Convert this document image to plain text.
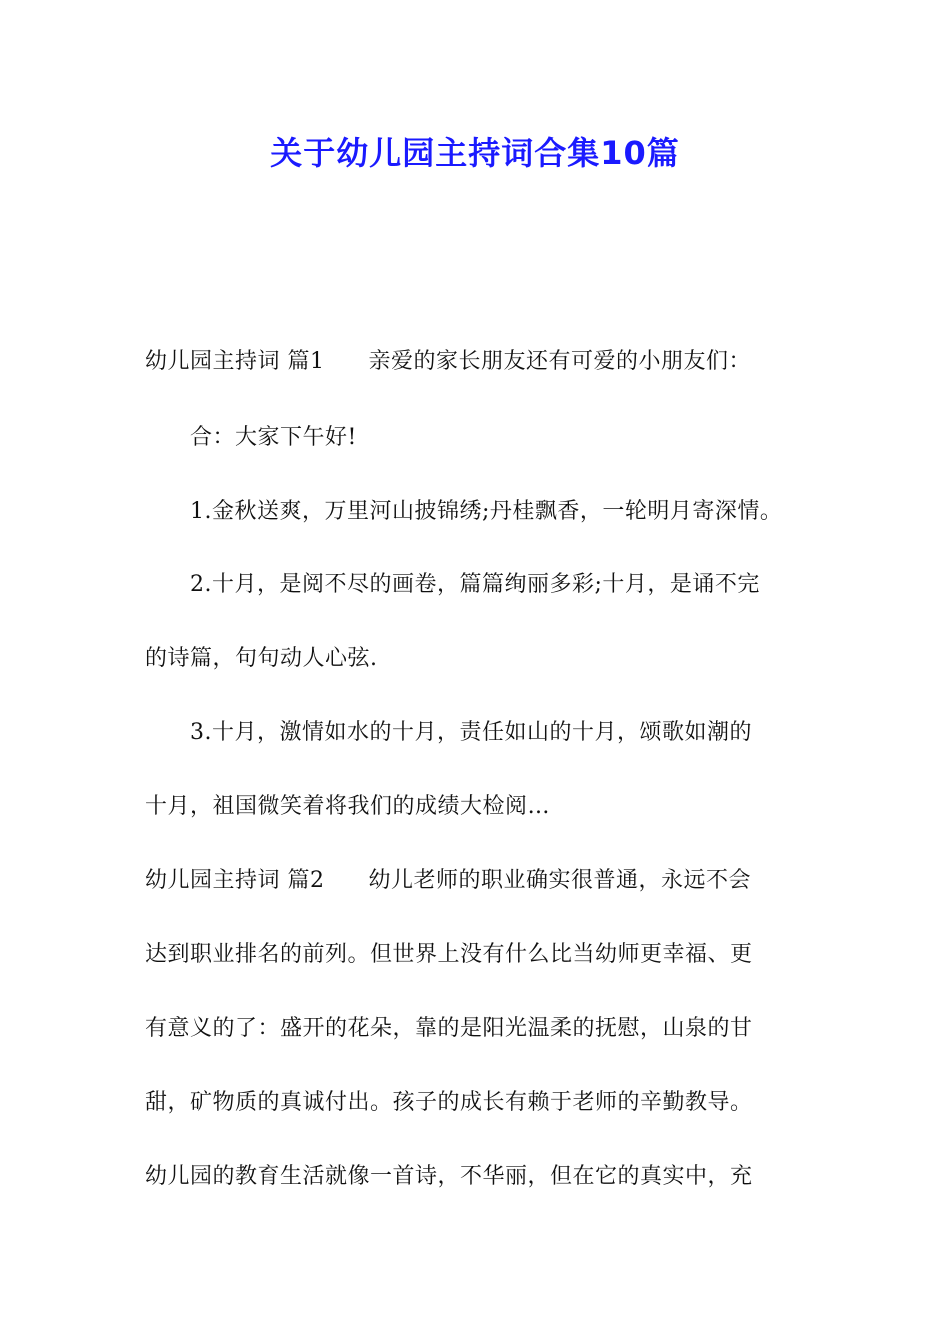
关于幼儿园主持词合集10篇
幼儿园主持词 篇1 亲爱的家长朋友还有可爱的小朋友们：
合：大家下午好!
1.金秋送爽，万里河山披锦绣;丹桂飘香，一轮明月寄深情。
2.十月，是阅不尽的画卷，篇篇绚丽多彩;十月，是诵不完
的诗篇，句句动人心弦.
3.十月，激情如水的十月，责任如山的十月，颂歌如潮的
十月，祖国微笑着将我们的成绩大检阅…
幼儿园主持词 篇2 幼儿老师的职业确实很普通，永远不会
达到职业排名的前列。但世界上没有什么比当幼师更幸福、更
有意义的了：盛开的花朵，靠的是阳光温柔的抚慰，山泉的甘
甜，矿物质的真诚付出。孩子的成长有赖于老师的辛勤教导。
幼儿园的教育生活就像一首诗，不华丽，但在它的真实中，充
